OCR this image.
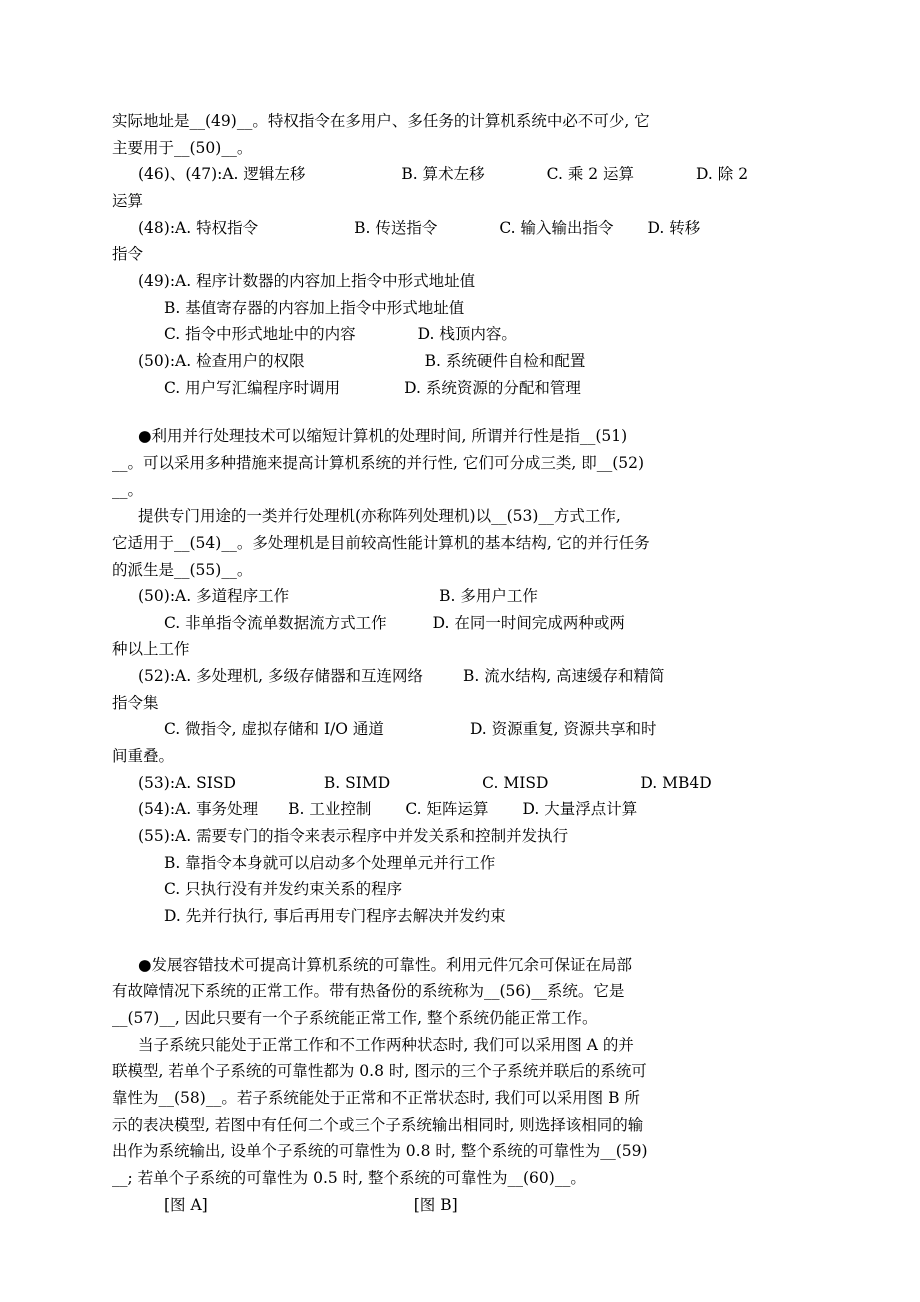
实际地址是__(49)__。特权指令在多用户、多任务的计算机系统中必不可少, 它

主要用于__(50)__。

(46)、(47):A. 逻辑左移	B. 算术左移	C. 乘 2 运算	D. 除 2

运算

(48):A. 特权指令	B. 传送指令	C. 输入输出指令 D. 转移

指令

(49):A. 程序计数器的内容加上指令中形式地址值

B. 基值寄存器的内容加上指令中形式地址值

C. 指令中形式地址中的内容	D. 栈顶内容。

(50):A. 检查用户的权限	B. 系统硬件自检和配置

C. 用户写汇编程序时调用	D. 系统资源的分配和管理

●利用并行处理技术可以缩短计算机的处理时间, 所谓并行性是指__(51)

__。可以采用多种措施来提高计算机系统的并行性, 它们可分成三类, 即__(52)

__。

提供专门用途的一类并行处理机(亦称阵列处理机)以__(53)__方式工作,

它适用于__(54)__。多处理机是目前较高性能计算机的基本结构, 它的并行任务

的派生是__(55)__。

(50):A. 多道程序工作	B. 多用户工作

C. 非单指令流单数据流方式工作	D. 在同一时间完成两种或两

种以上工作

(52):A. 多处理机, 多级存储器和互连网络	B. 流水结构, 高速缓存和精简

指令集

C. 微指令, 虚拟存储和 I/O 通道	D. 资源重复, 资源共享和时

间重叠。

(53):A. SISD	B. SIMD	C. MISD	D. MB4D

(54):A. 事务处理 B. 工业控制 C. 矩阵运算 D. 大量浮点计算

(55):A. 需要专门的指令来表示程序中并发关系和控制并发执行

B. 靠指令本身就可以启动多个处理单元并行工作

C. 只执行没有并发约束关系的程序

D. 先并行执行, 事后再用专门程序去解决并发约束

●发展容错技术可提高计算机系统的可靠性。利用元件冗余可保证在局部

有故障情况下系统的正常工作。带有热备份的系统称为__(56)__系统。它是

__(57)__, 因此只要有一个子系统能正常工作, 整个系统仍能正常工作。

当子系统只能处于正常工作和不工作两种状态时, 我们可以采用图 A 的并

联模型, 若单个子系统的可靠性都为 0.8 时, 图示的三个子系统并联后的系统可

靠性为__(58)__。若子系统能处于正常和不正常状态时, 我们可以采用图 B 所

示的表决模型, 若图中有任何二个或三个子系统输出相同时, 则选择该相同的输

出作为系统输出, 设单个子系统的可靠性为 0.8 时, 整个系统的可靠性为__(59)

__; 若单个子系统的可靠性为 0.5 时, 整个系统的可靠性为__(60)__。

[图 A]	[图 B]
